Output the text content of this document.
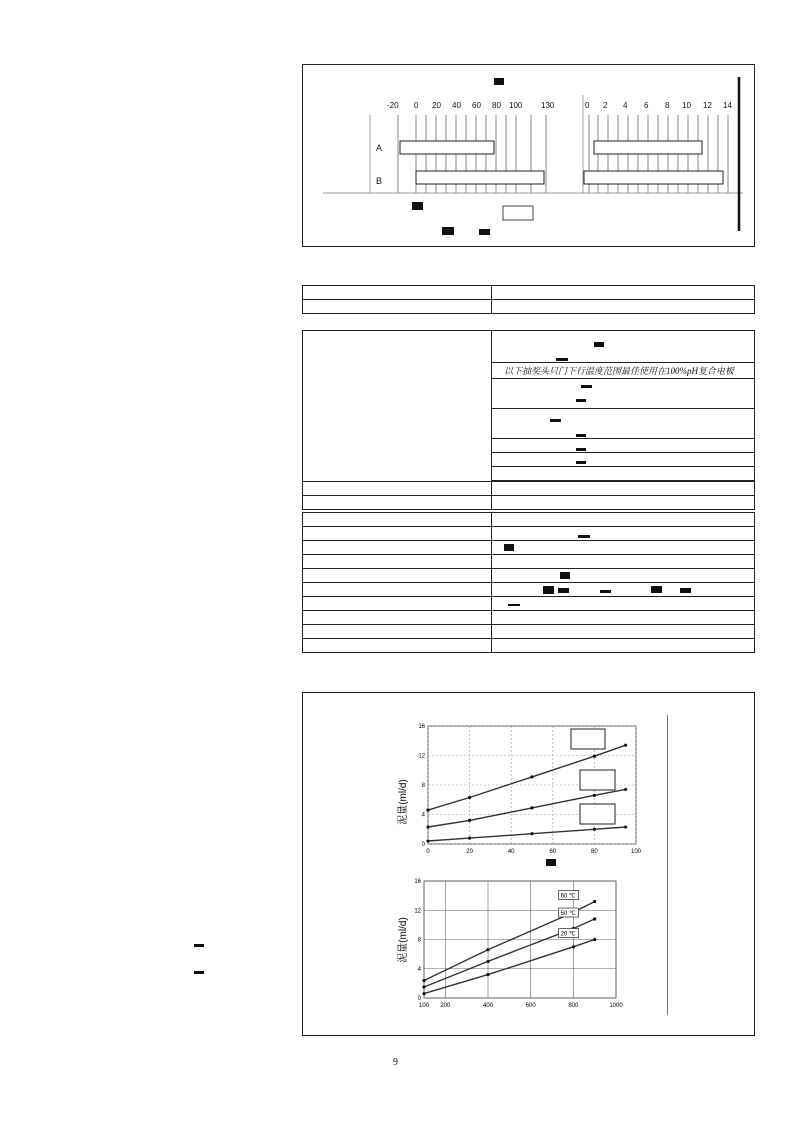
-20 0 20 40 60 80 100 130	0 2 4 6 8 10 12 14
A
B

	以下抽奖头只门下行温度范围最佳使用在100%pH复合电极

0	20	40	60	80	100
0
4
8
12
16
泥量(ml/d)
100 200	400	600	800	1000
0
4
8
12
16
60 ℃
50 ℃
20 ℃
泥量(ml/d)
9
